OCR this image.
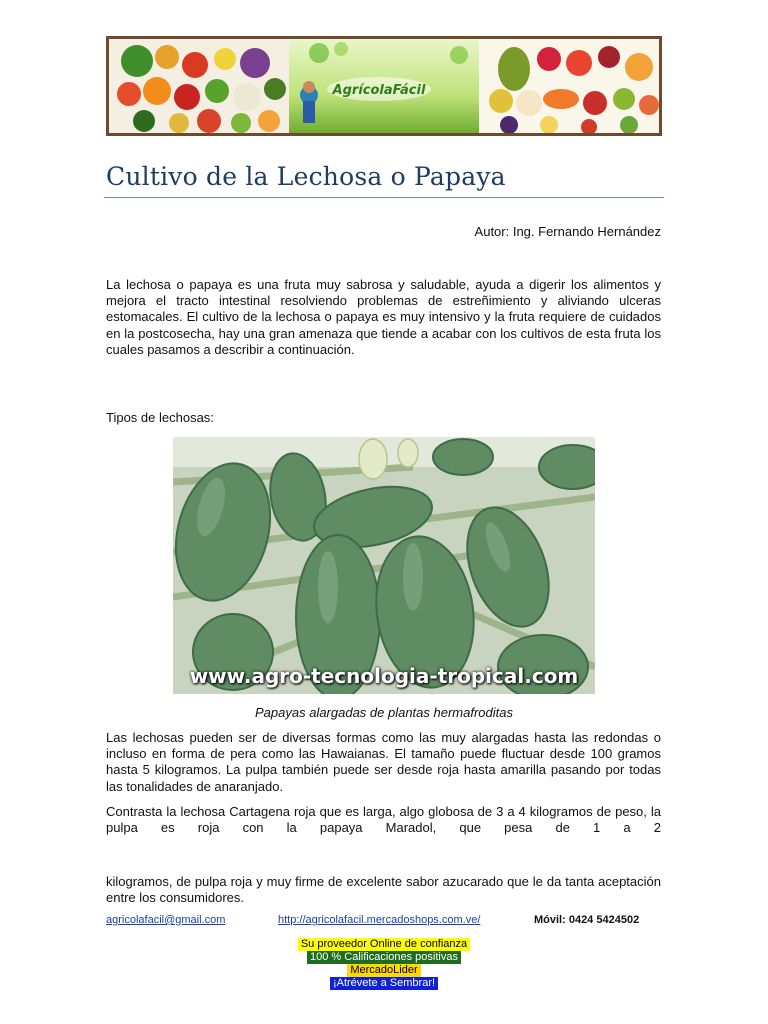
AgrícolaFácil
Cultivo de la Lechosa o Papaya
Autor: Ing. Fernando Hernández

La lechosa o papaya es una fruta muy sabrosa y saludable, ayuda a digerir los alimentos y mejora el tracto intestinal resolviendo problemas de estreñimiento y aliviando ulceras estomacales. El cultivo de la lechosa o papaya es muy intensivo y la fruta requiere de cuidados en la postcosecha, hay una gran amenaza que tiende a acabar con los cultivos de esta fruta los cuales pasamos a describir a continuación.

Tipos de lechosas:
www.agro-tecnologia-tropical.com
Papayas alargadas de plantas hermafroditas

Las lechosas pueden ser de diversas formas como las muy alargadas hasta las redondas o incluso en forma de pera como las Hawaianas. El tamaño puede fluctuar desde 100 gramos hasta 5 kilogramos. La pulpa también puede ser desde roja hasta amarilla pasando por todas las tonalidades de anaranjado.

Contrasta la lechosa Cartagena roja que es larga, algo globosa de 3 a 4 kilogramos de peso, la pulpa es roja con la papaya Maradol, que pesa de 1 a 2

kilogramos, de pulpa roja y muy firme de excelente sabor azucarado que le da tanta aceptación entre los consumidores.

agricolafacil@gmail.com	http://agricolafacil.mercadoshops.com.ve/	Móvil: 0424 5424502
Su proveedor Online de confianza
100 % Calificaciones positivas
MercadoLider
¡Atrévete a Sembrar!
